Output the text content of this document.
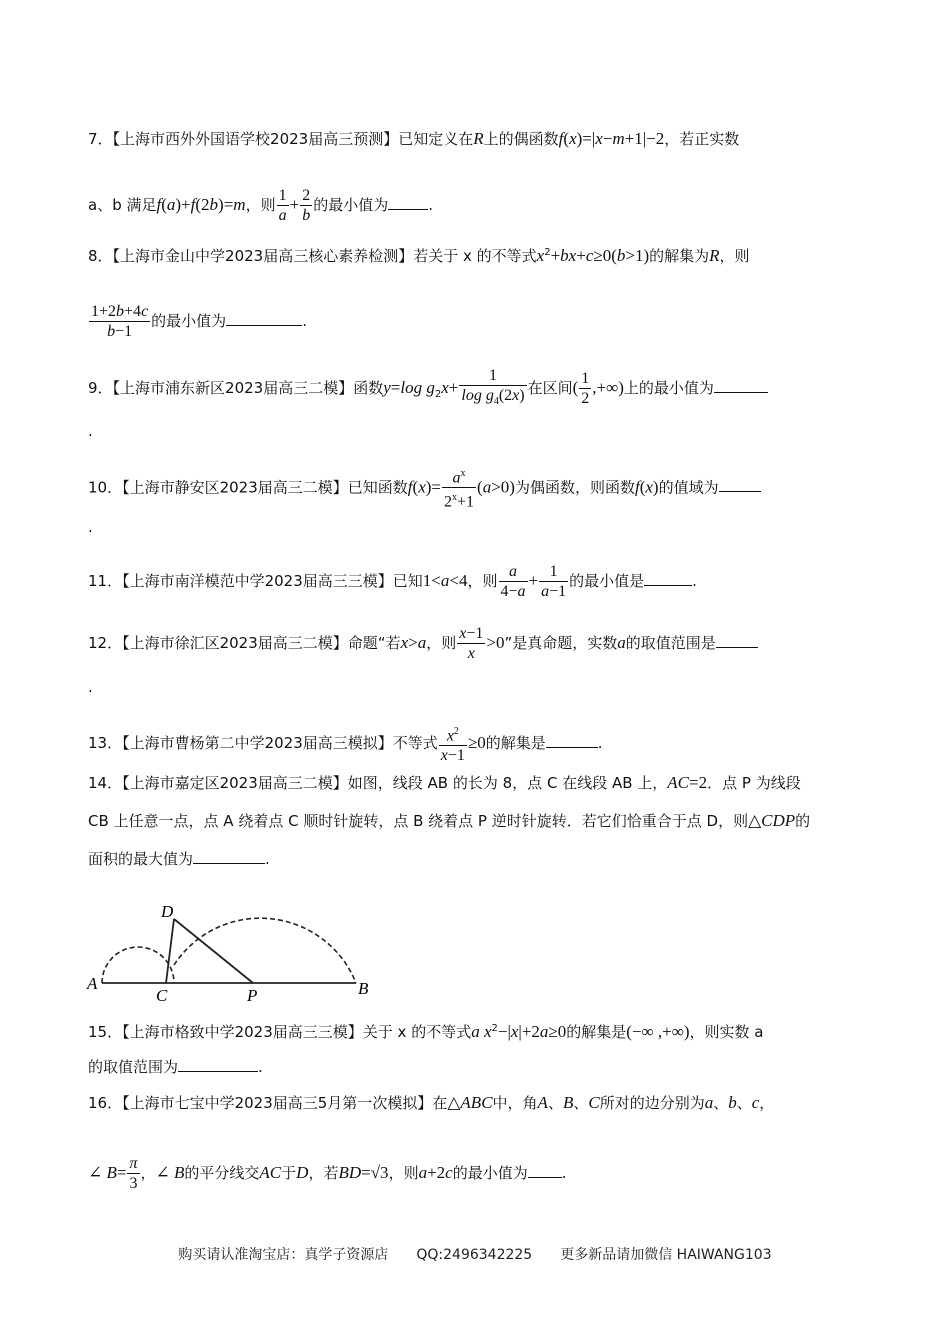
7．【上海市西外外国语学校2023届高三预测】已知定义在R上的偶函数f(x)=|x−m+1|−2，若正实数
a、b 满足f(a)+f(2b)=m，则 $\frac{1}{a} + \frac{2}{b}$ 的最小值为	.
8．【上海市金山中学2023届高三核心素养检测】若关于 x 的不等式$x^2+bx+c\ge 0(b>1)$的解集为R，则
$\frac{1+2b+4c}{b-1}$ 的最小值为	.
9．【上海市浦东新区2023届高三二模】函数y=log $g_2x+ \frac{1}{\log g_4(2x)}$ 在区间( $\frac{1}{2}$ ,+∞)上的最小值为
.
10．【上海市静安区2023届高三二模】已知函数$f(x)= \frac{a^x}{2^x+1} (a>0)$为偶函数，则函数f(x)的值域为
.
11．【上海市南洋模范中学2023届高三三模】已知1<a<4，则 $\frac{a}{4-a} + \frac{1}{a-1}$ 的最小值是	.
12．【上海市徐汇区2023届高三二模】命题“若x>a，则 $\frac{x-1}{x} >0$”是真命题，实数a的取值范围是
.
13．【上海市曹杨第二中学2023届高三模拟】不等式 $\frac{x^2}{x-1} \ge 0$的解集是	.
14．【上海市嘉定区2023届高三二模】如图，线段 AB 的长为 8，点 C 在线段 AB 上，AC=2．点 P 为线段
CB 上任意一点，点 A 绕着点 C 顺时针旋转，点 B 绕着点 P 逆时针旋转．若它们恰重合于点 D，则△CDP的
面积的最大值为	.
A	B
C
D
P
15．【上海市格致中学2023届高三三模】关于 x 的不等式a $x^2-|x|+2a\ge 0$的解集是(−∞ ,+∞)，则实数 a
的取值范围为	.
16．【上海市七宝中学2023届高三5月第一次模拟】在△ABC中，角A、B、C所对的边分别为a、b、c，
∠ $B= \frac{\pi}{3}$ ，∠ B的平分线交AC于D，若BD=√3，则a+2c的最小值为 .
购买请认准淘宝店：真学子资源店 QQ:2496342225 更多新品请加微信 HAIWANG103
